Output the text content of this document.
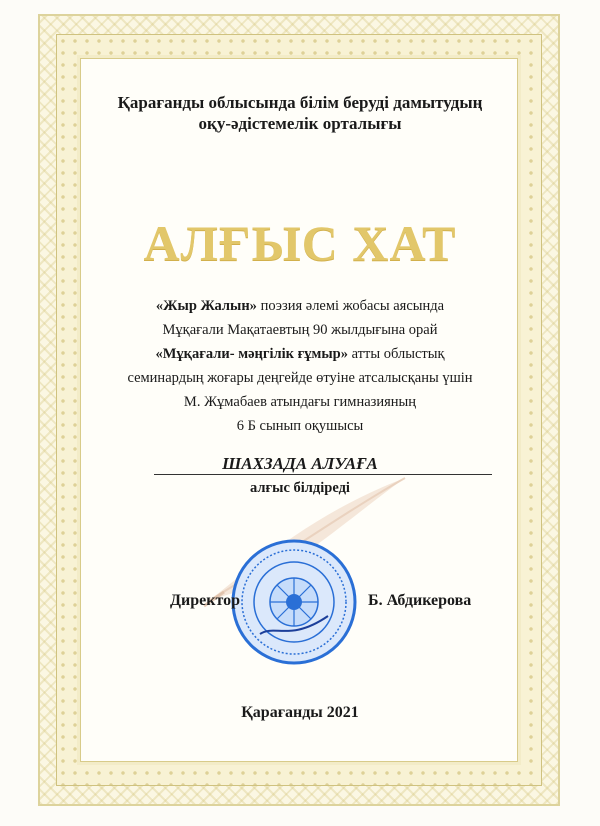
Қарағанды облысында білім беруді дамытудың
оқу-әдістемелік орталығы
АЛҒЫС ХАТ
«Жыр Жалын» поэзия әлемі жобасы аясында
Мұқағали Мақатаевтың 90 жылдығына орай
«Мұқағали- мәңгілік ғұмыр» атты облыстық
семинардың жоғары деңгейде өтуіне атсалысқаны үшін
М. Жұмабаев атындағы гимназияның
6 Б сынып оқушысы
ШАХЗАДА АЛУАҒА
алғыс білдіреді
Директор	Б. Абдикерова
Қарағанды 2021
